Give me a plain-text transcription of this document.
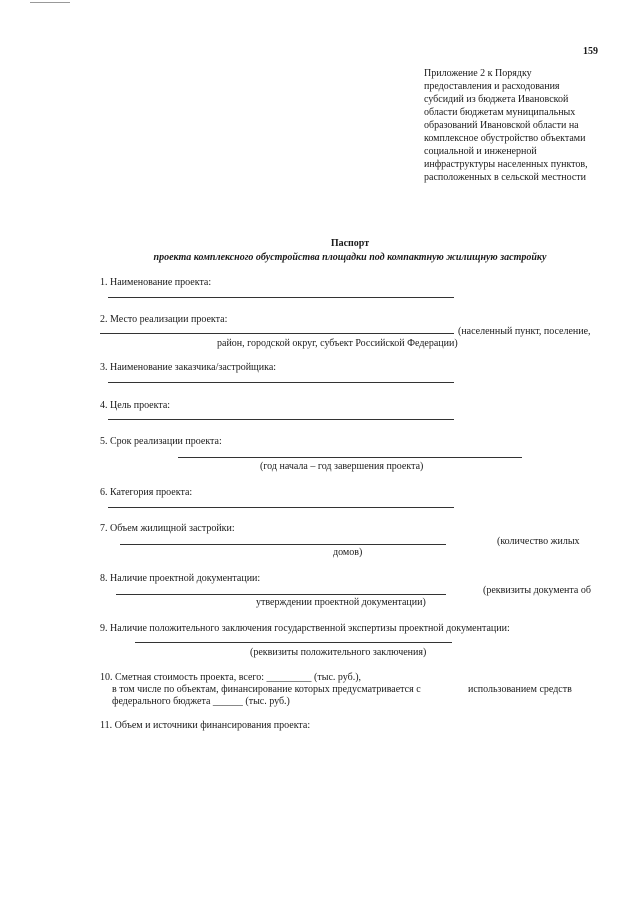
159
Приложение 2 к Порядку
предоставления и расходования
субсидий из бюджета Ивановской
области бюджетам муниципальных
образований Ивановской области на
комплексное обустройство объектами
социальной и инженерной
инфраструктуры населенных пунктов,
расположенных в сельской местности
Паспорт
проекта комплексного обустройства площадки под компактную жилищную застройку
1. Наименование проекта:
2. Место реализации проекта:
(населенный пункт, поселение,
район, городской округ, субъект Российской Федерации)
3. Наименование заказчика/застройщика:
4. Цель проекта:
5. Срок реализации проекта:
(год начала – год завершения проекта)
6. Категория проекта:
7. Объем жилищной застройки:
(количество жилых
домов)
8. Наличие проектной документации:
(реквизиты документа об
утверждении проектной документации)
9. Наличие положительного заключения государственной экспертизы проектной документации:
(реквизиты положительного заключения)
10. Сметная стоимость проекта, всего: _________ (тыс. руб.),
в том числе по объектам, финансирование которых предусматривается с	использованием средств
федерального бюджета ______ (тыс. руб.)
11. Объем и источники финансирования проекта:
